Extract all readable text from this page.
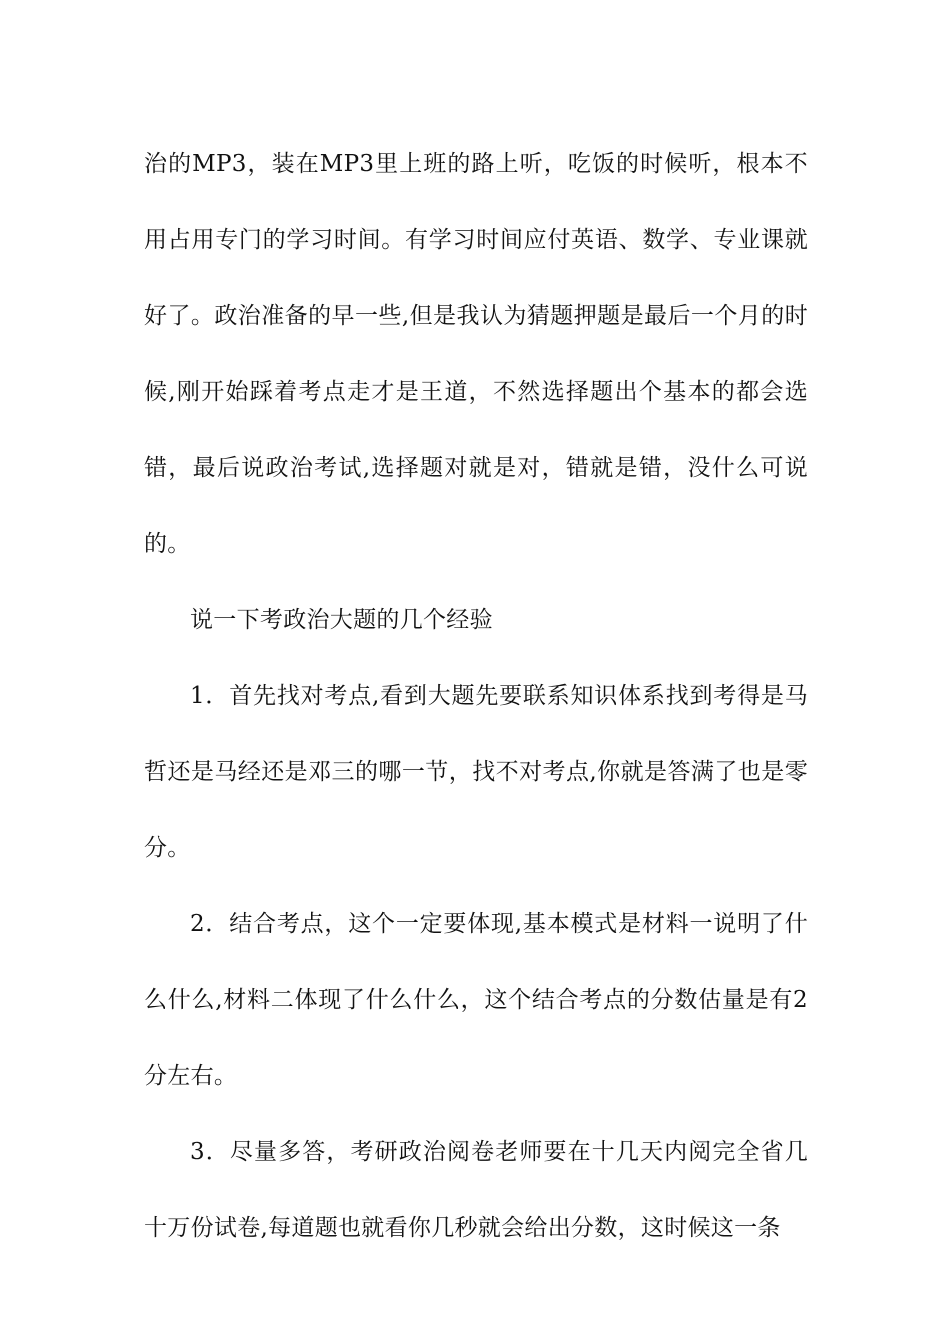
治的MP3，装在MP3里上班的路上听，吃饭的时候听，根本不用占用专门的学习时间。有学习时间应付英语、数学、专业课就好了。政治准备的早一些,但是我认为猜题押题是最后一个月的时候,刚开始踩着考点走才是王道，不然选择题出个基本的都会选错，最后说政治考试,选择题对就是对，错就是错，没什么可说的。

说一下考政治大题的几个经验

1．首先找对考点,看到大题先要联系知识体系找到考得是马哲还是马经还是邓三的哪一节，找不对考点,你就是答满了也是零分。

2．结合考点，这个一定要体现,基本模式是材料一说明了什么什么,材料二体现了什么什么，这个结合考点的分数估量是有2分左右。

3．尽量多答，考研政治阅卷老师要在十几天内阅完全省几十万份试卷,每道题也就看你几秒就会给出分数，这时候这一条
